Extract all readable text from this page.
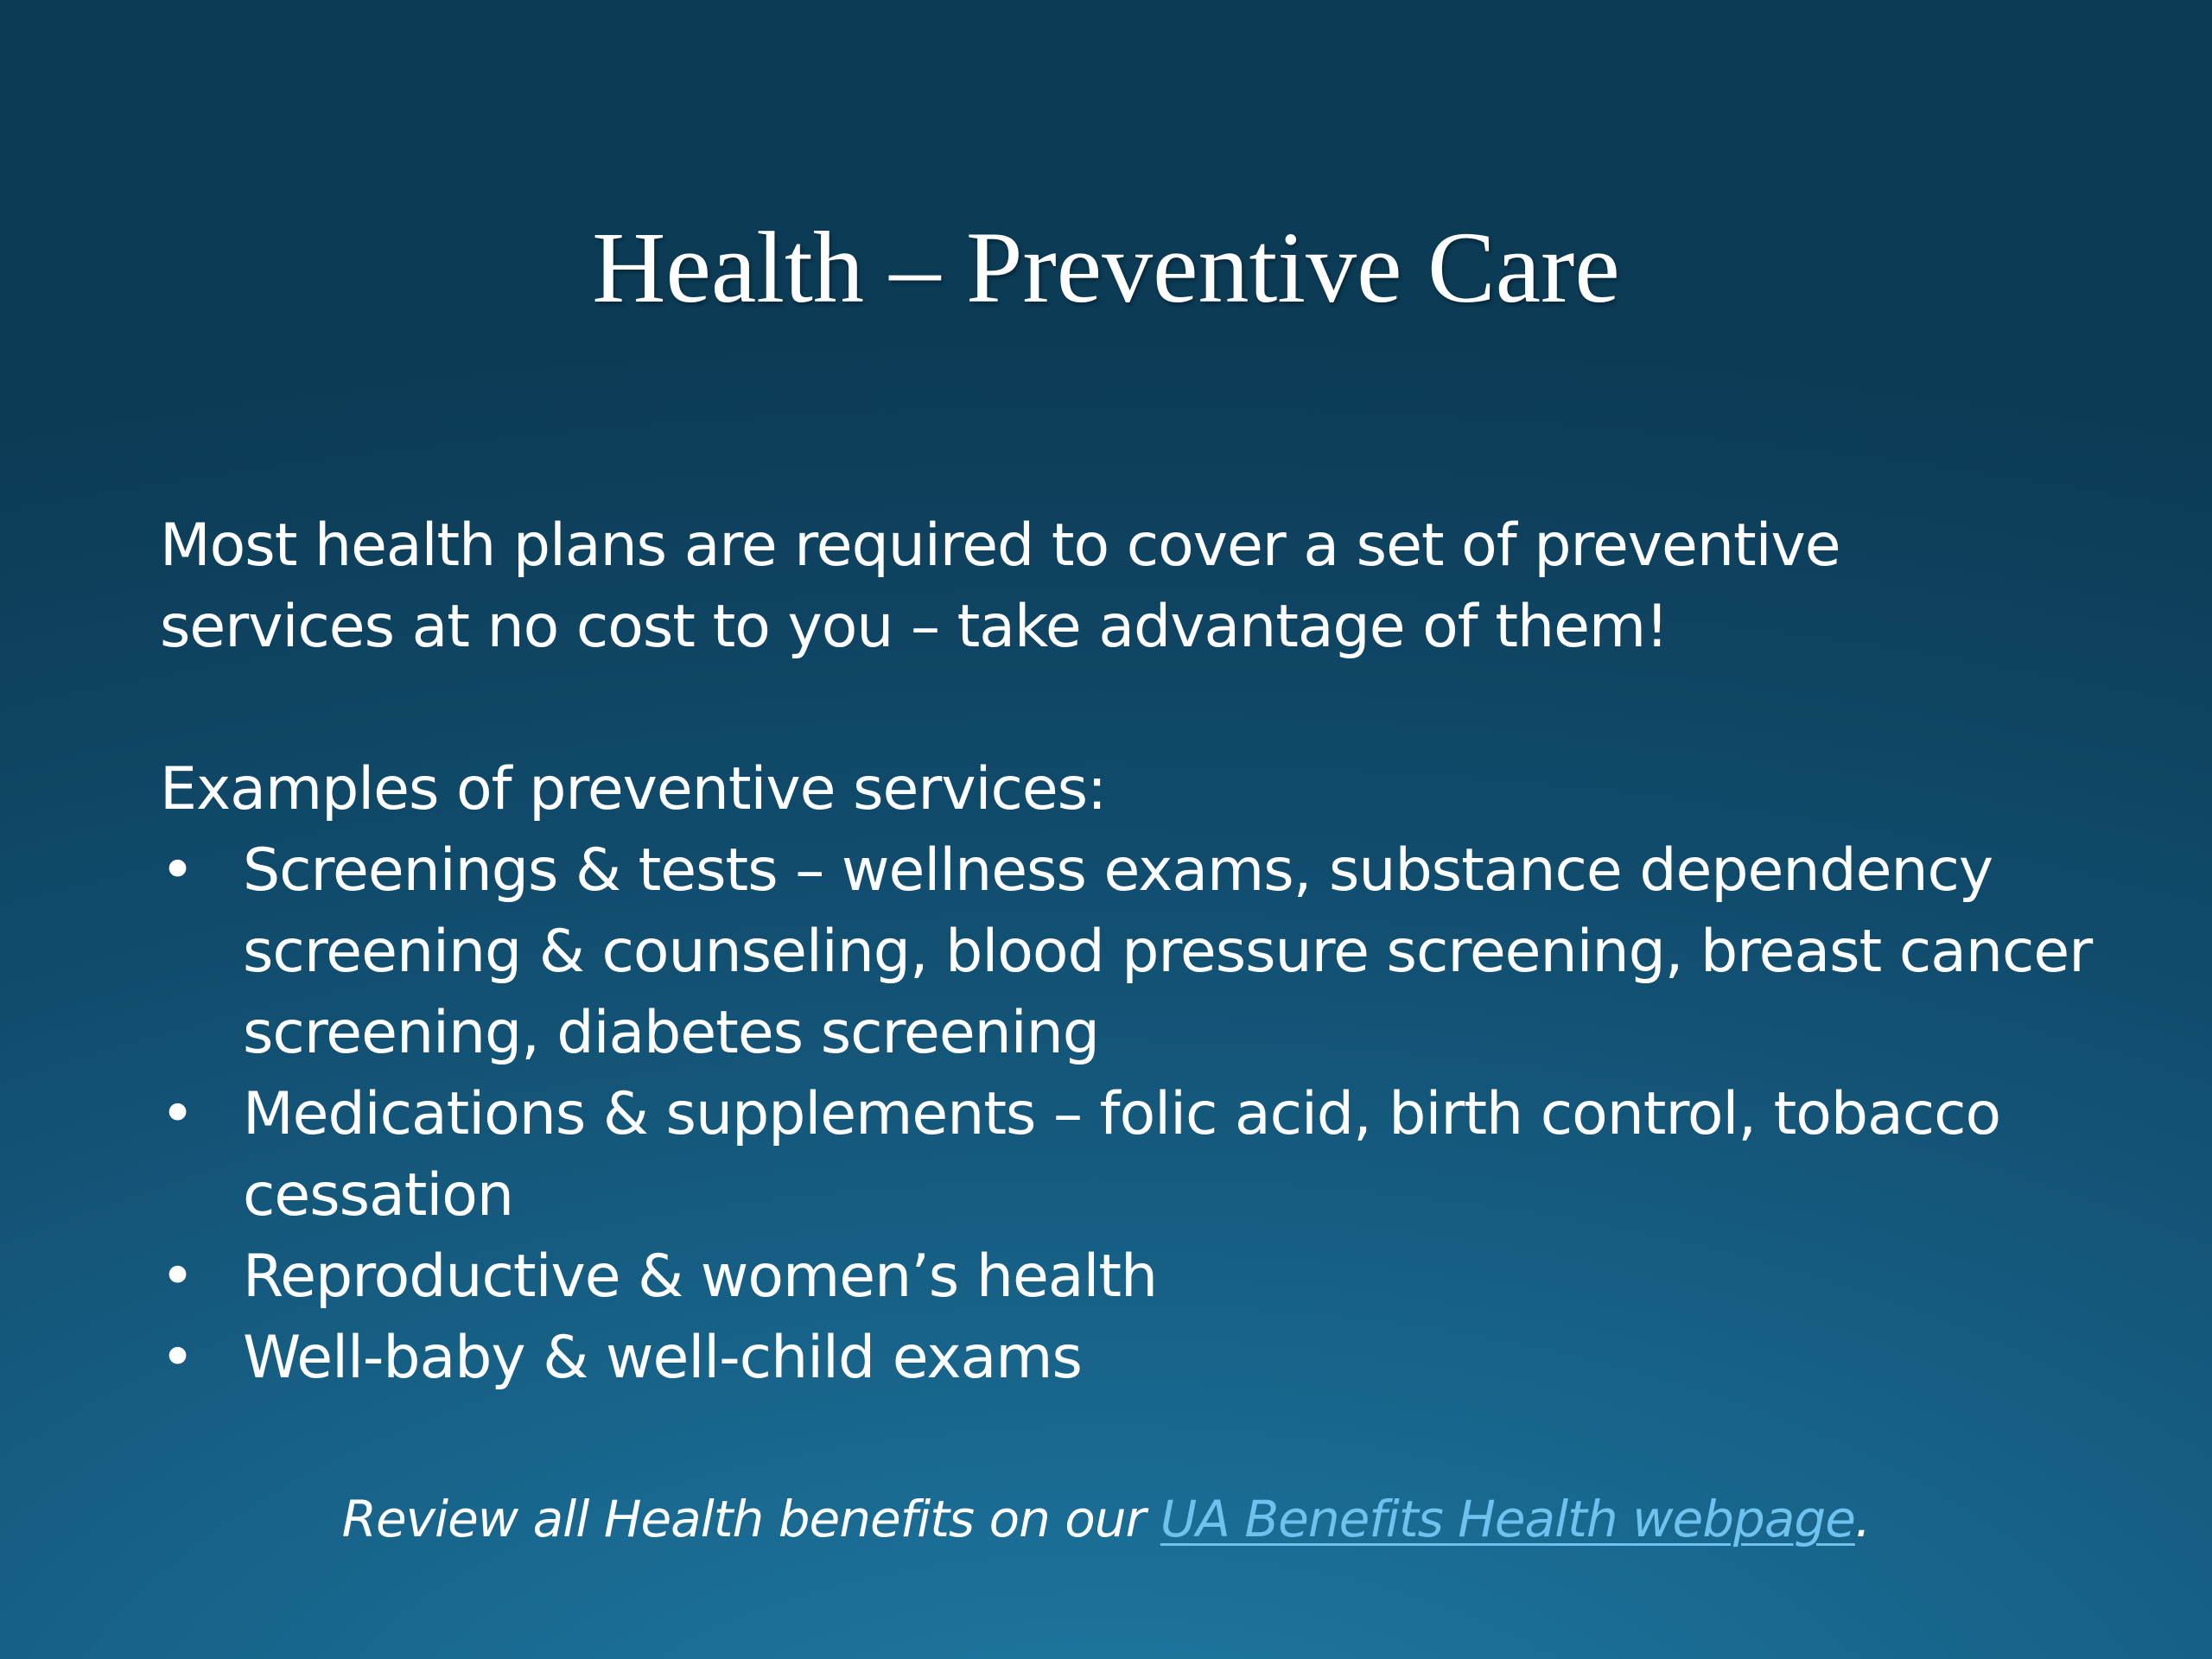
Health – Preventive Care

Most health plans are required to cover a set of preventive services at no cost to you – take advantage of them!

Examples of preventive services:

• Screenings & tests – wellness exams, substance dependency screening & counseling, blood pressure screening, breast cancer screening, diabetes screening
• Medications & supplements – folic acid, birth control, tobacco cessation
• Reproductive & women’s health
• Well-baby & well-child exams
Review all Health benefits on our UA Benefits Health webpage.
